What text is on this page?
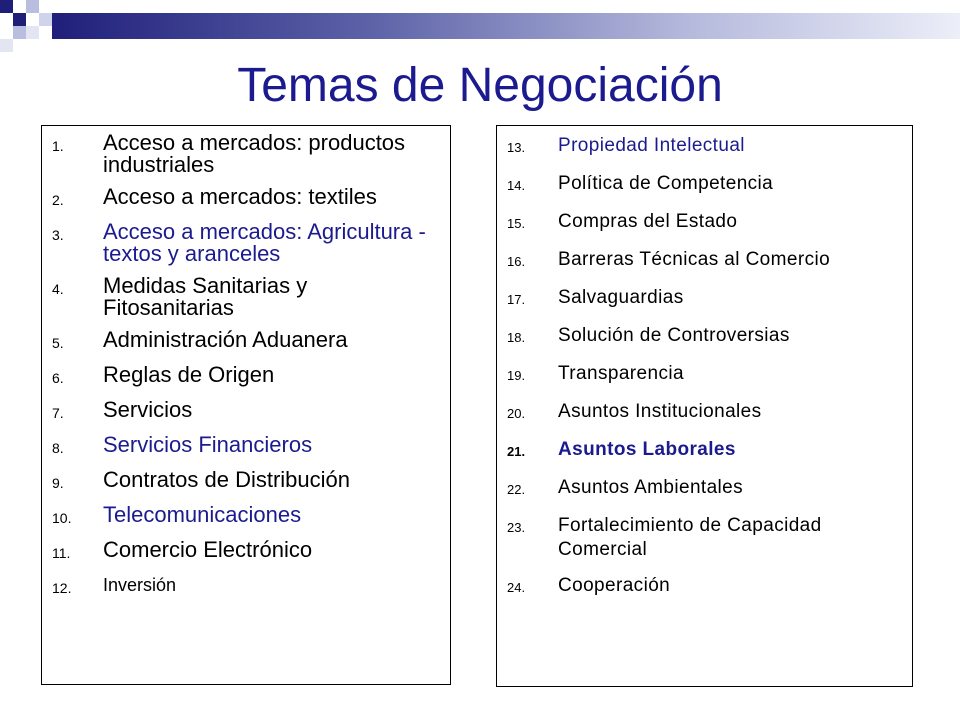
Temas de Negociación
1.	Acceso a mercados: productos industriales
2.	Acceso a mercados: textiles
3.	Acceso a mercados: Agricultura - textos y aranceles
4.	Medidas Sanitarias y Fitosanitarias
5.	Administración Aduanera
6.	Reglas de Origen
7.	Servicios
8.	Servicios Financieros
9.	Contratos de Distribución
10.	Telecomunicaciones
11.	Comercio Electrónico
12.	Inversión
13.	Propiedad Intelectual
14.	Política de Competencia
15.	Compras del Estado
16.	Barreras Técnicas al Comercio
17.	Salvaguardias
18.	Solución de Controversias
19.	Transparencia
20.	Asuntos Institucionales
21.	Asuntos Laborales
22.	Asuntos Ambientales
23.	Fortalecimiento de Capacidad Comercial
24.	Cooperación
